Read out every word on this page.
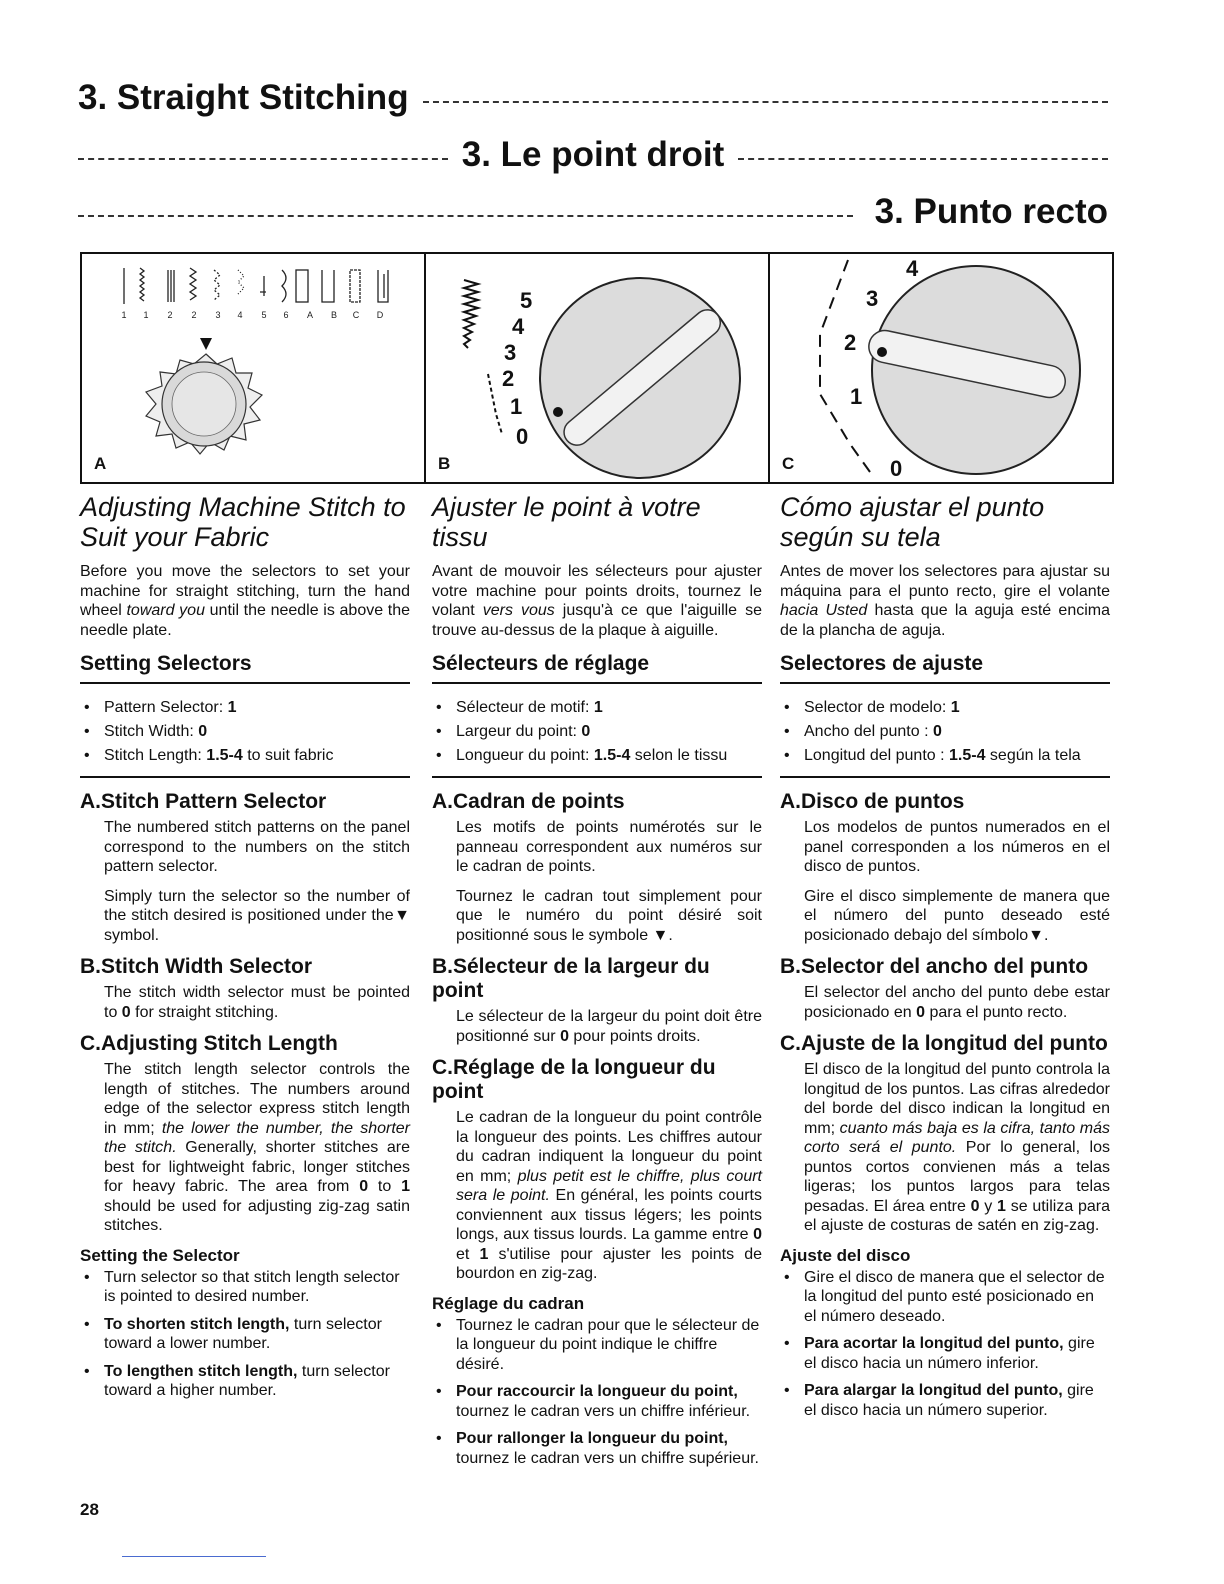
3. Straight Stitching
3. Le point droit
3. Punto recto
1 1 2 2 3 4 5 6 A B C D
A
5
4
3
2
1
0
B
4
3
2
1
0
C
Adjusting Machine Stitch to Suit your Fabric

Before you move the selectors to set your machine for straight stitching, turn the hand wheel toward you until the needle is above the needle plate.

Setting Selectors
• Pattern Selector: 1
• Stitch Width: 0
• Stitch Length: 1.5-4 to suit fabric
A.Stitch Pattern Selector

The numbered stitch patterns on the panel correspond to the numbers on the stitch pattern selector.

Simply turn the selector so the number of the stitch desired is positioned under the▼ symbol.

B.Stitch Width Selector

The stitch width selector must be pointed to 0 for straight stitching.

C.Adjusting Stitch Length

The stitch length selector controls the length of stitches. The numbers around edge of the selector express stitch length in mm; the lower the number, the shorter the stitch. Generally, shorter stitches are best for lightweight fabric, longer stitches for heavy fabric. The area from 0 to 1 should be used for adjusting zig-zag satin stitches.

Setting the Selector
• Turn selector so that stitch length selector is pointed to desired number.
• To shorten stitch length, turn selector toward a lower number.
• To lengthen stitch length, turn selector toward a higher number.
Ajuster le point à votre tissu

Avant de mouvoir les sélecteurs pour ajuster votre machine pour points droits, tournez le volant vers vous jusqu'à ce que l'aiguille se trouve au-dessus de la plaque à aiguille.

Sélecteurs de réglage
• Sélecteur de motif: 1
• Largeur du point: 0
• Longueur du point: 1.5-4 selon le tissu
A.Cadran de points

Les motifs de points numérotés sur le panneau correspondent aux numéros sur le cadran de points.

Tournez le cadran tout simplement pour que le numéro du point désiré soit positionné sous le symbole ▼.

B.Sélecteur de la largeur du point

Le sélecteur de la largeur du point doit être positionné sur 0 pour points droits.

C.Réglage de la longueur du point

Le cadran de la longueur du point contrôle la longueur des points. Les chiffres autour du cadran indiquent la longueur du point en mm; plus petit est le chiffre, plus court sera le point. En général, les points courts conviennent aux tissus légers; les points longs, aux tissus lourds. La gamme entre 0 et 1 s'utilise pour ajuster les points de bourdon en zig-zag.

Réglage du cadran
• Tournez le cadran pour que le sélecteur de la longueur du point indique le chiffre désiré.
• Pour raccourcir la longueur du point, tournez le cadran vers un chiffre inférieur.
• Pour rallonger la longueur du point, tournez le cadran vers un chiffre supérieur.
Cómo ajustar el punto según su tela

Antes de mover los selectores para ajustar su máquina para el punto recto, gire el volante hacia Usted hasta que la aguja esté encima de la plancha de aguja.

Selectores de ajuste
• Selector de modelo: 1
• Ancho del punto : 0
• Longitud del punto : 1.5-4 según la tela
A.Disco de puntos

Los modelos de puntos numerados en el panel corresponden a los números en el disco de puntos.

Gire el disco simplemente de manera que el número del punto deseado esté posicionado debajo del símbolo▼.

B.Selector del ancho del punto

El selector del ancho del punto debe estar posicionado en 0 para el punto recto.

C.Ajuste de la longitud del punto

El disco de la longitud del punto controla la longitud de los puntos. Las cifras alrededor del borde del disco indican la longitud en mm; cuanto más baja es la cifra, tanto más corto será el punto. Por lo general, los puntos cortos convienen más a telas ligeras; los puntos largos para telas pesadas. El área entre 0 y 1 se utiliza para el ajuste de costuras de satén en zig-zag.

Ajuste del disco
• Gire el disco de manera que el selector de la longitud del punto esté posicionado en el número deseado.
• Para acortar la longitud del punto, gire el disco hacia un número inferior.
• Para alargar la longitud del punto, gire el disco hacia un número superior.
28
